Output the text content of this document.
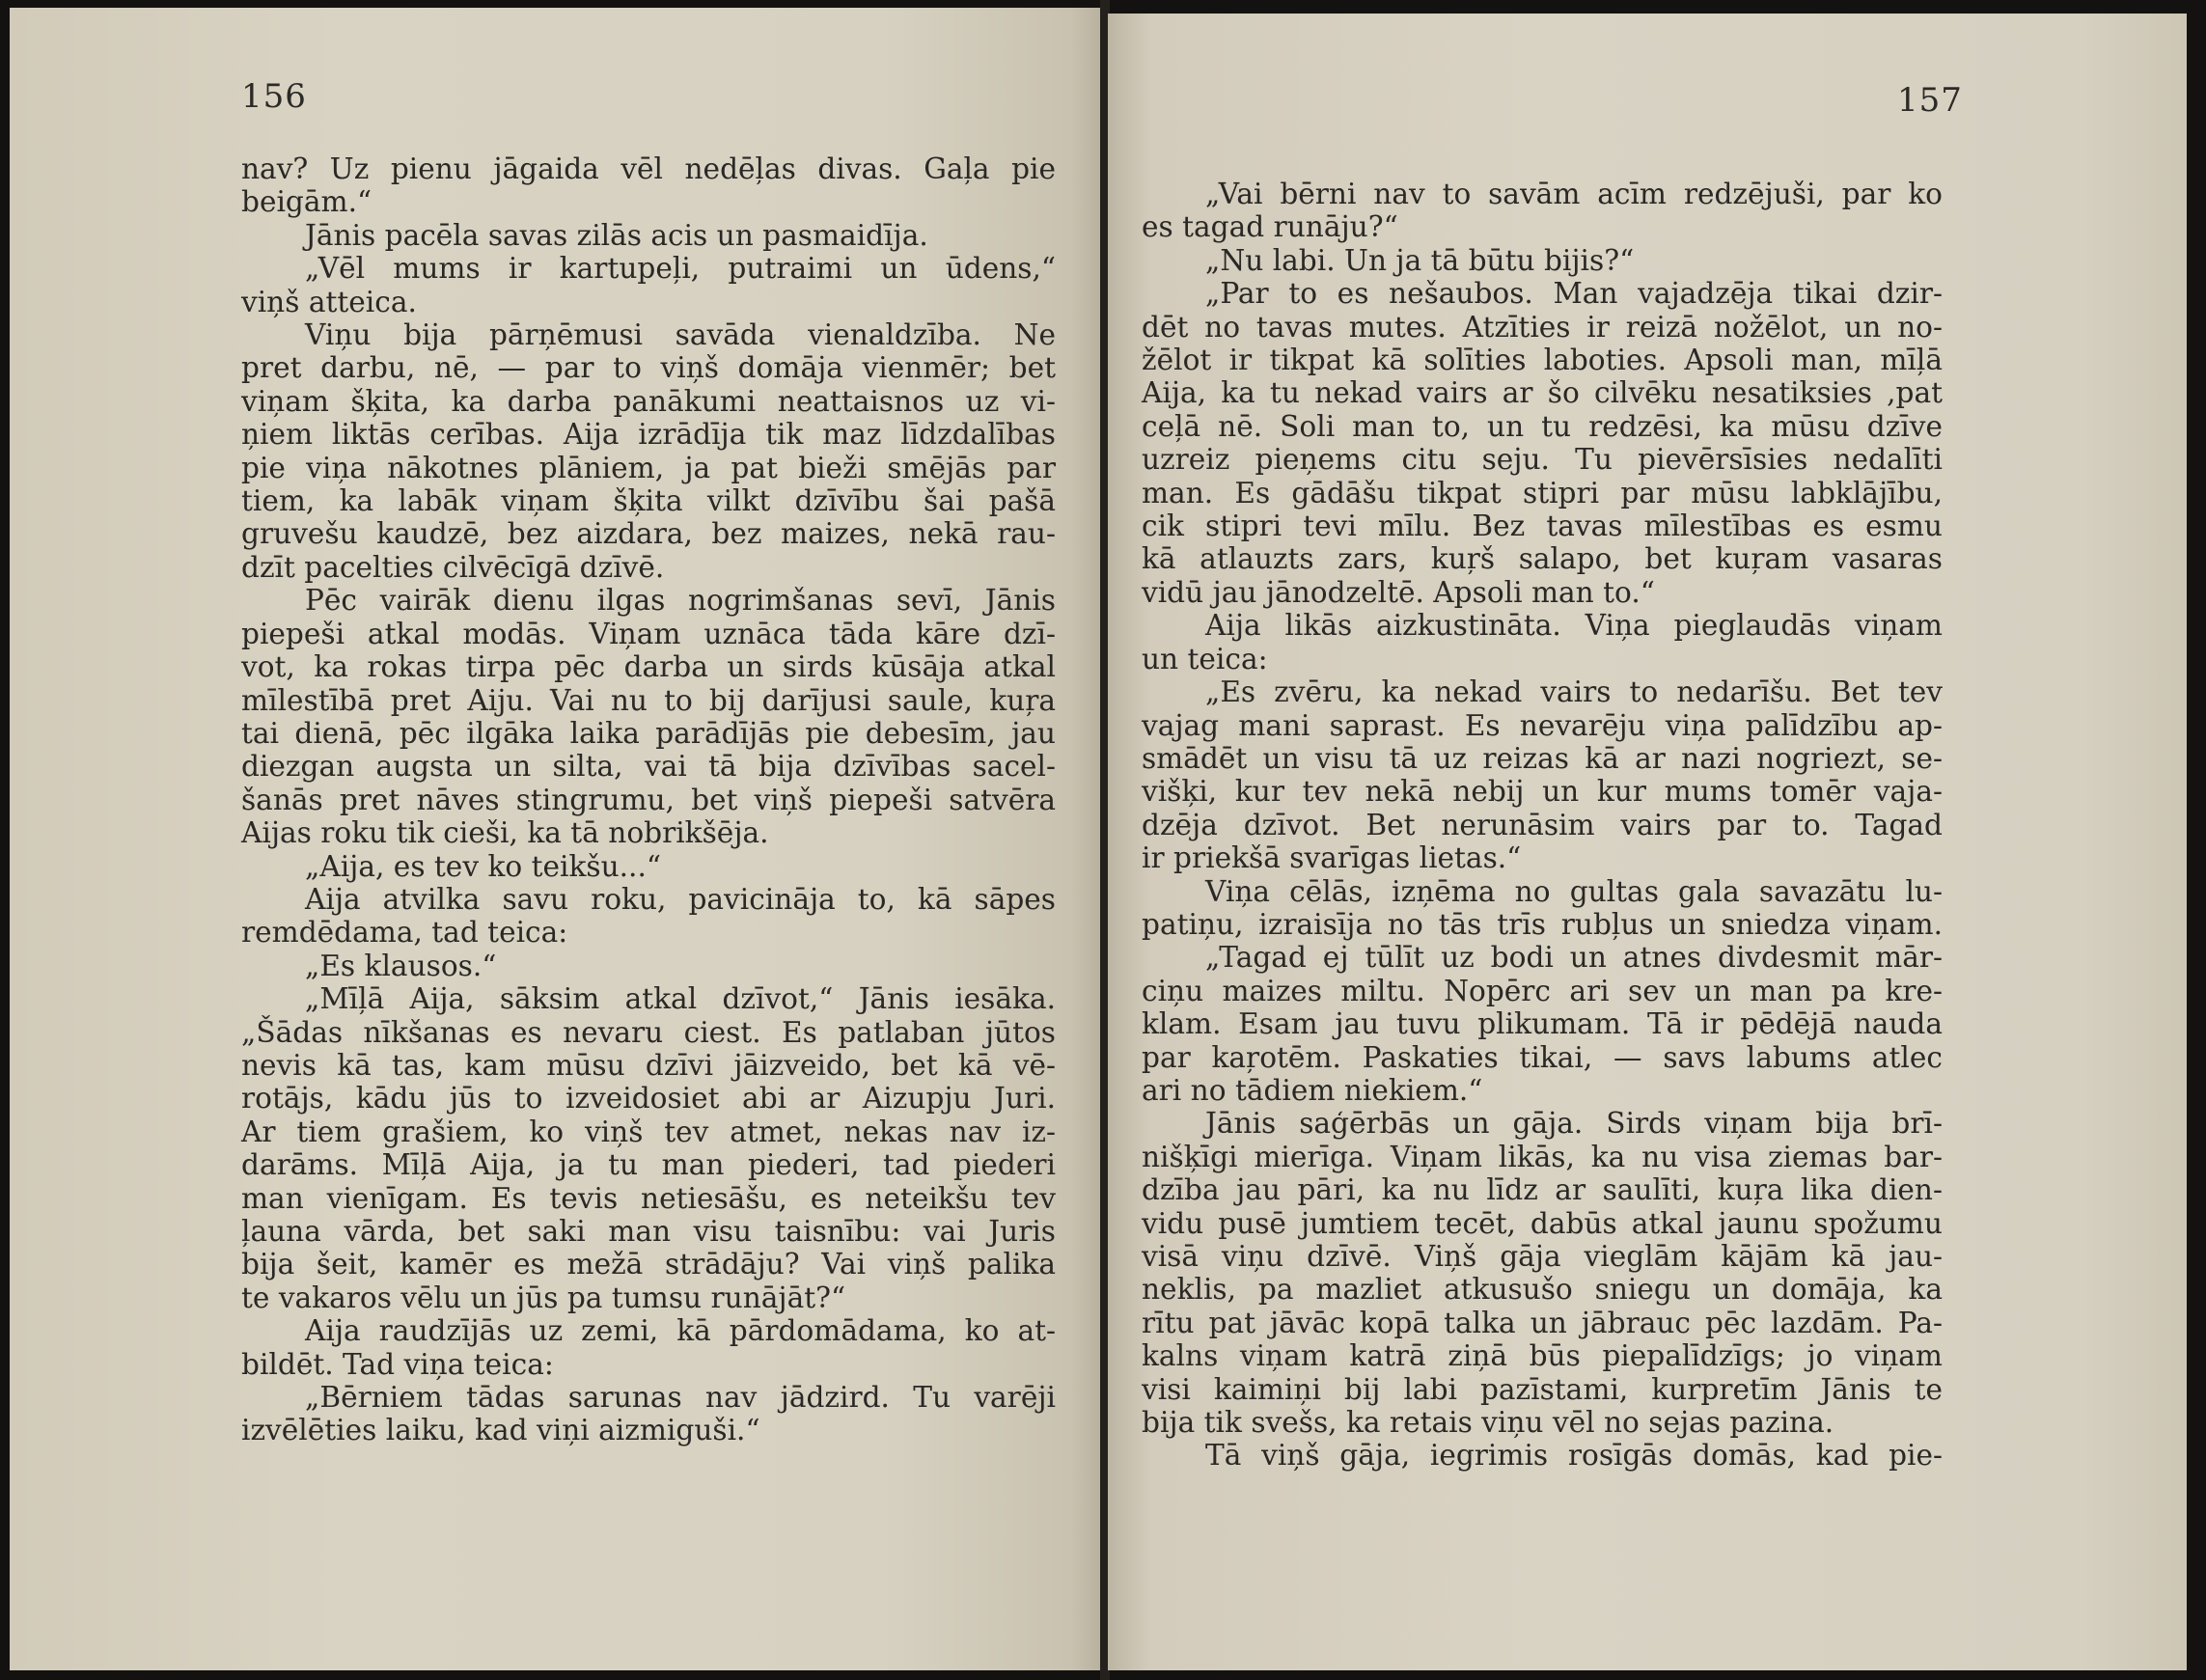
156
nav? Uz pienu jāgaida vēl nedēļas divas. Gaļa pie
beigām.“
Jānis pacēla savas zilās acis un pasmaidīja.
„Vēl mums ir kartupeļi, putraimi un ūdens,“
viņš atteica.
Viņu bija pārņēmusi savāda vienaldzība. Ne
pret darbu, nē, — par to viņš domāja vienmēr; bet
viņam šķita, ka darba panākumi neattaisnos uz vi-
ņiem liktās cerības. Aija izrādīja tik maz līdzdalības
pie viņa nākotnes plāniem, ja pat bieži smējās par
tiem, ka labāk viņam šķita vilkt dzīvību šai pašā
gruvešu kaudzē, bez aizdara, bez maizes, nekā rau-
dzīt pacelties cilvēcīgā dzīvē.
Pēc vairāk dienu ilgas nogrimšanas sevī, Jānis
piepeši atkal modās. Viņam uznāca tāda kāre dzī-
vot, ka rokas tirpa pēc darba un sirds kūsāja atkal
mīlestībā pret Aiju. Vai nu to bij darījusi saule, kuŗa
tai dienā, pēc ilgāka laika parādījās pie debesīm, jau
diezgan augsta un silta, vai tā bija dzīvības sacel-
šanās pret nāves stingrumu, bet viņš piepeši satvēra
Aijas roku tik cieši, ka tā nobrikšēja.
„Aija, es tev ko teikšu...“
Aija atvilka savu roku, pavicināja to, kā sāpes
remdēdama, tad teica:
„Es klausos.“
„Mīļā Aija, sāksim atkal dzīvot,“ Jānis iesāka.
„Šādas nīkšanas es nevaru ciest. Es patlaban jūtos
nevis kā tas, kam mūsu dzīvi jāizveido, bet kā vē-
rotājs, kādu jūs to izveidosiet abi ar Aizupju Juri.
Ar tiem grašiem, ko viņš tev atmet, nekas nav iz-
darāms. Mīļā Aija, ja tu man piederi, tad piederi
man vienīgam. Es tevis netiesāšu, es neteikšu tev
ļauna vārda, bet saki man visu taisnību: vai Juris
bija šeit, kamēr es mežā strādāju? Vai viņš palika
te vakaros vēlu un jūs pa tumsu runājāt?“
Aija raudzījās uz zemi, kā pārdomādama, ko at-
bildēt. Tad viņa teica:
„Bērniem tādas sarunas nav jādzird. Tu varēji
izvēlēties laiku, kad viņi aizmiguši.“
157
„Vai bērni nav to savām acīm redzējuši, par ko
es tagad runāju?“
„Nu labi. Un ja tā būtu bijis?“
„Par to es nešaubos. Man vajadzēja tikai dzir-
dēt no tavas mutes. Atzīties ir reizā nožēlot, un no-
žēlot ir tikpat kā solīties laboties. Apsoli man, mīļā
Aija, ka tu nekad vairs ar šo cilvēku nesatiksies ,pat
ceļā nē. Soli man to, un tu redzēsi, ka mūsu dzīve
uzreiz pieņems citu seju. Tu pievērsīsies nedalīti
man. Es gādāšu tikpat stipri par mūsu labklājību,
cik stipri tevi mīlu. Bez tavas mīlestības es esmu
kā atlauzts zars, kuŗš salapo, bet kuŗam vasaras
vidū jau jānodzeltē. Apsoli man to.“
Aija likās aizkustināta. Viņa pieglaudās viņam
un teica:
„Es zvēru, ka nekad vairs to nedarīšu. Bet tev
vajag mani saprast. Es nevarēju viņa palīdzību ap-
smādēt un visu tā uz reizas kā ar nazi nogriezt, se-
višķi, kur tev nekā nebij un kur mums tomēr vaja-
dzēja dzīvot. Bet nerunāsim vairs par to. Tagad
ir priekšā svarīgas lietas.“
Viņa cēlās, izņēma no gultas gala savazātu lu-
patiņu, izraisīja no tās trīs rubļus un sniedza viņam.
„Tagad ej tūlīt uz bodi un atnes divdesmit mār-
ciņu maizes miltu. Nopērc ari sev un man pa kre-
klam. Esam jau tuvu plikumam. Tā ir pēdējā nauda
par kaŗotēm. Paskaties tikai, — savs labums atlec
ari no tādiem niekiem.“
Jānis saģērbās un gāja. Sirds viņam bija brī-
nišķīgi mierīga. Viņam likās, ka nu visa ziemas bar-
dzība jau pāri, ka nu līdz ar saulīti, kuŗa lika dien-
vidu pusē jumtiem tecēt, dabūs atkal jaunu spožumu
visā viņu dzīvē. Viņš gāja vieglām kājām kā jau-
neklis, pa mazliet atkusušo sniegu un domāja, ka
rītu pat jāvāc kopā talka un jābrauc pēc lazdām. Pa-
kalns viņam katrā ziņā būs piepalīdzīgs; jo viņam
visi kaimiņi bij labi pazīstami, kurpretīm Jānis te
bija tik svešs, ka retais viņu vēl no sejas pazina.
Tā viņš gāja, iegrimis rosīgās domās, kad pie-
